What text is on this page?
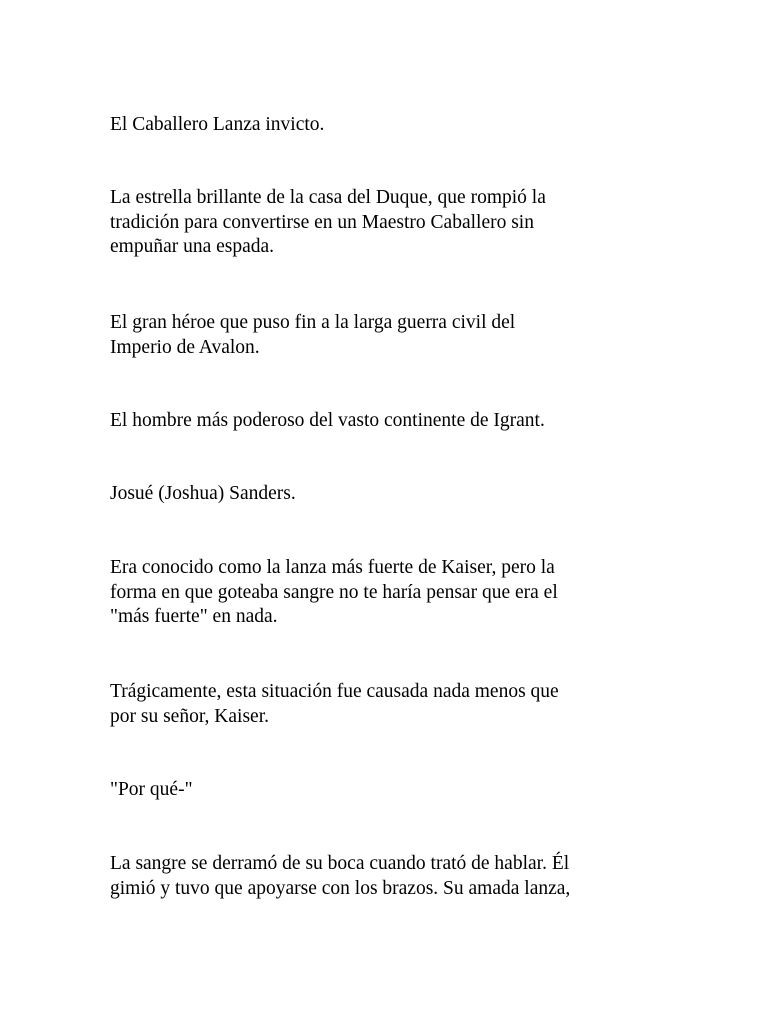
El Caballero Lanza invicto.

La estrella brillante de la casa del Duque, que rompió la
tradición para convertirse en un Maestro Caballero sin
empuñar una espada.

El gran héroe que puso fin a la larga guerra civil del
Imperio de Avalon.

El hombre más poderoso del vasto continente de Igrant.

Josué (Joshua) Sanders.

Era conocido como la lanza más fuerte de Kaiser, pero la
forma en que goteaba sangre no te haría pensar que era el
"más fuerte" en nada.

Trágicamente, esta situación fue causada nada menos que
por su señor, Kaiser.

"Por qué-"

La sangre se derramó de su boca cuando trató de hablar. Él
gimió y tuvo que apoyarse con los brazos. Su amada lanza,
